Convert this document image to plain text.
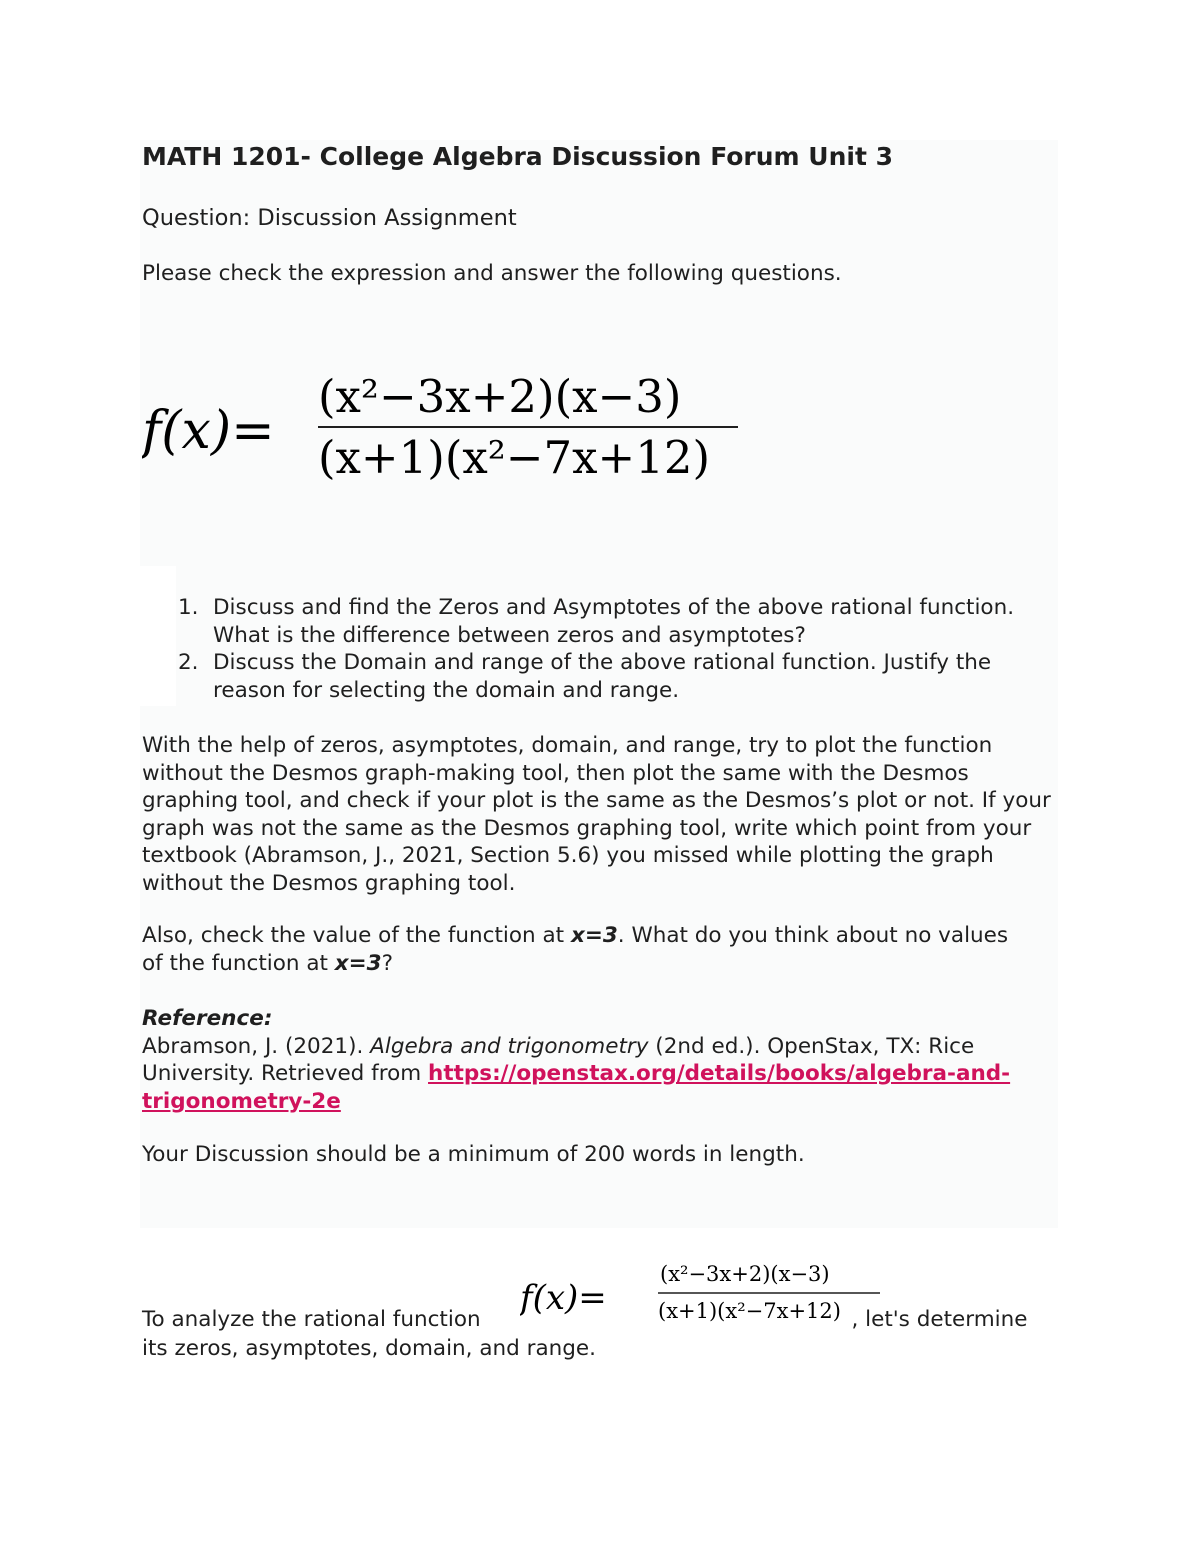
MATH 1201- College Algebra Discussion Forum Unit 3

Question: Discussion Assignment

Please check the expression and answer the following questions.

f(x)=
(x²−3x+2)(x−3)
(x+1)(x²−7x+12)
1. Discuss and find the Zeros and Asymptotes of the above rational function. What is the difference between zeros and asymptotes?
2. Discuss the Domain and range of the above rational function. Justify the reason for selecting the domain and range.

With the help of zeros, asymptotes, domain, and range, try to plot the function without the Desmos graph-making tool, then plot the same with the Desmos graphing tool, and check if your plot is the same as the Desmos’s plot or not. If your graph was not the same as the Desmos graphing tool, write which point from your textbook (Abramson, J., 2021, Section 5.6) you missed while plotting the graph without the Desmos graphing tool.

Also, check the value of the function at x=3. What do you think about no values of the function at x=3?

Reference:
Abramson, J. (2021). Algebra and trigonometry (2nd ed.). OpenStax, TX: Rice University. Retrieved from https://openstax.org/details/books/algebra-and-trigonometry-2e

Your Discussion should be a minimum of 200 words in length.

To analyze the rational function	, let's determine its zeros, asymptotes, domain, and range.

f(x)=
(x²−3x+2)(x−3)
(x+1)(x²−7x+12)
